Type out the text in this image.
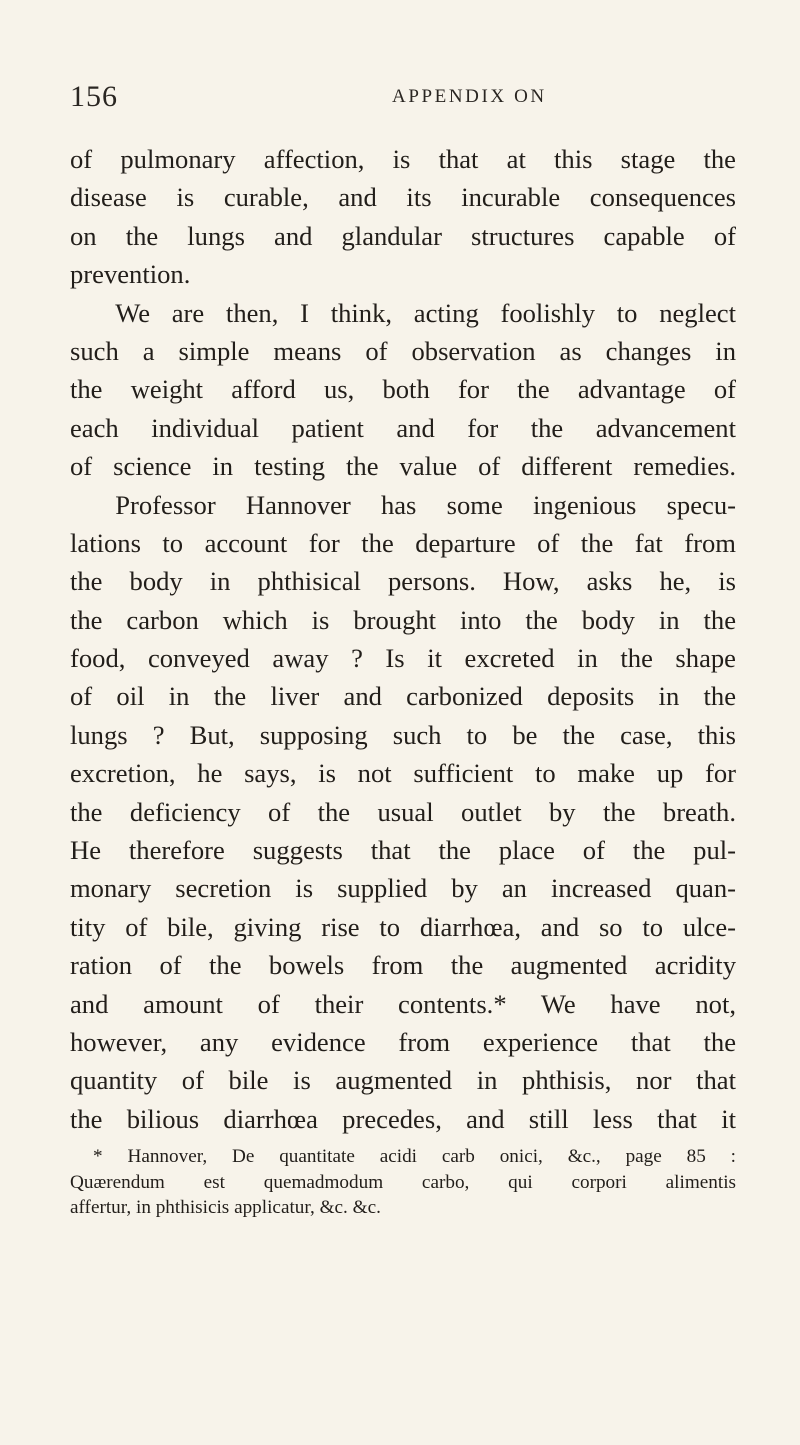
156	APPENDIX ON
of pulmonary affection, is that at this stage the
disease is curable, and its incurable consequences
on the lungs and glandular structures capable of
prevention.
We are then, I think, acting foolishly to neglect
such a simple means of observation as changes in
the weight afford us, both for the advantage of
each individual patient and for the advancement
of science in testing the value of different remedies.
Professor Hannover has some ingenious specu-
lations to account for the departure of the fat from
the body in phthisical persons. How, asks he, is
the carbon which is brought into the body in the
food, conveyed away ? Is it excreted in the shape
of oil in the liver and carbonized deposits in the
lungs ? But, supposing such to be the case, this
excretion, he says, is not sufficient to make up for
the deficiency of the usual outlet by the breath.
He therefore suggests that the place of the pul-
monary secretion is supplied by an increased quan-
tity of bile, giving rise to diarrhœa, and so to ulce-
ration of the bowels from the augmented acridity
and amount of their contents.* We have not,
however, any evidence from experience that the
quantity of bile is augmented in phthisis, nor that
the bilious diarrhœa precedes, and still less that it
* Hannover, De quantitate acidi carb onici, &c., page 85 :
Quærendum est quemadmodum carbo, qui corpori alimentis
affertur, in phthisicis applicatur, &c. &c.
